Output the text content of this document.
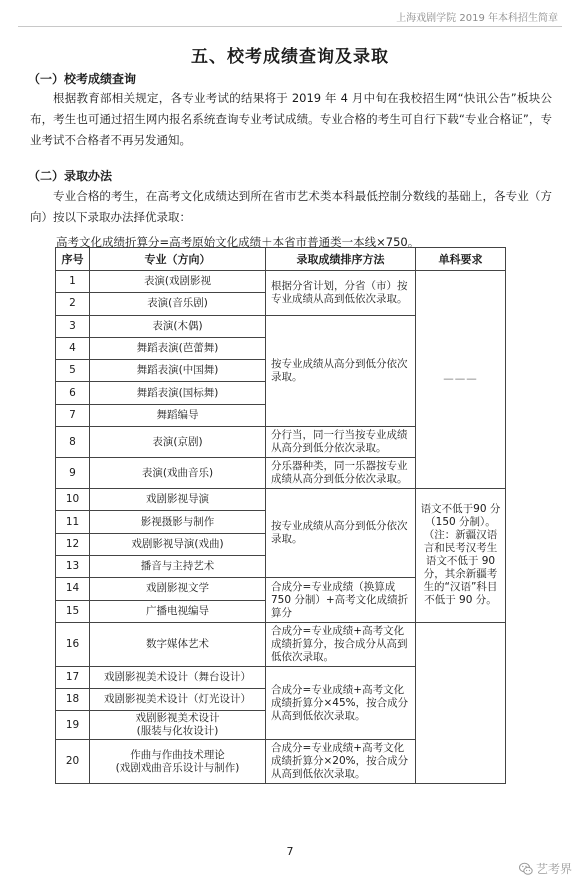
上海戏剧学院 2019 年本科招生简章
五、校考成绩查询及录取
（一）校考成绩查询

根据教育部相关规定，各专业考试的结果将于 2019 年 4 月中旬在我校招生网“快讯公告”板块公布，考生也可通过招生网内报名系统查询专业考试成绩。专业合格的考生可自行下载“专业合格证”，专业考试不合格者不再另发通知。

（二）录取办法

专业合格的考生，在高考文化成绩达到所在省市艺术类本科最低控制分数线的基础上，各专业（方向）按以下录取办法择优录取：

高考文化成绩折算分=高考原始文化成绩＋本省市普通类一本线×750。
序号	专业（方向）	录取成绩排序方法	单科要求
1	表演(戏剧影视	根据分省计划，分省（市）按专业成绩从高到低依次录取。	———
2	表演(音乐剧)		
3	表演(木偶)	按专业成绩从高分到低分依次录取。	
4	舞蹈表演(芭蕾舞)		
5	舞蹈表演(中国舞)		
6	舞蹈表演(国标舞)		
7	舞蹈编导		
8	表演(京剧)	分行当，同一行当按专业成绩从高分到低分依次录取。	
9	表演(戏曲音乐)	分乐器种类，同一乐器按专业成绩从高分到低分依次录取。	
10	戏剧影视导演	按专业成绩从高分到低分依次录取。	语文不低于90 分（150 分制）。（注：新疆汉语言和民考汉考生语文不低于 90 分，其余新疆考生的“汉语”科目不低于 90 分。
11	影视摄影与制作		
12	戏剧影视导演(戏曲)		
13	播音与主持艺术		
14	戏剧影视文学	合成分=专业成绩（换算成 750 分制）+高考文化成绩折算分	
15	广播电视编导		
16	数字媒体艺术	合成分=专业成绩+高考文化成绩折算分，按合成分从高到低依次录取。	
17	戏剧影视美术设计（舞台设计）	合成分=专业成绩+高考文化成绩折算分×45%，按合成分从高到低依次录取。	
18	戏剧影视美术设计（灯光设计）		
19	戏剧影视美术设计
(服装与化妆设计)		
20	作曲与作曲技术理论
(戏剧戏曲音乐设计与制作)	合成分=专业成绩+高考文化成绩折算分×20%，按合成分从高到低依次录取。	
7
艺考界
